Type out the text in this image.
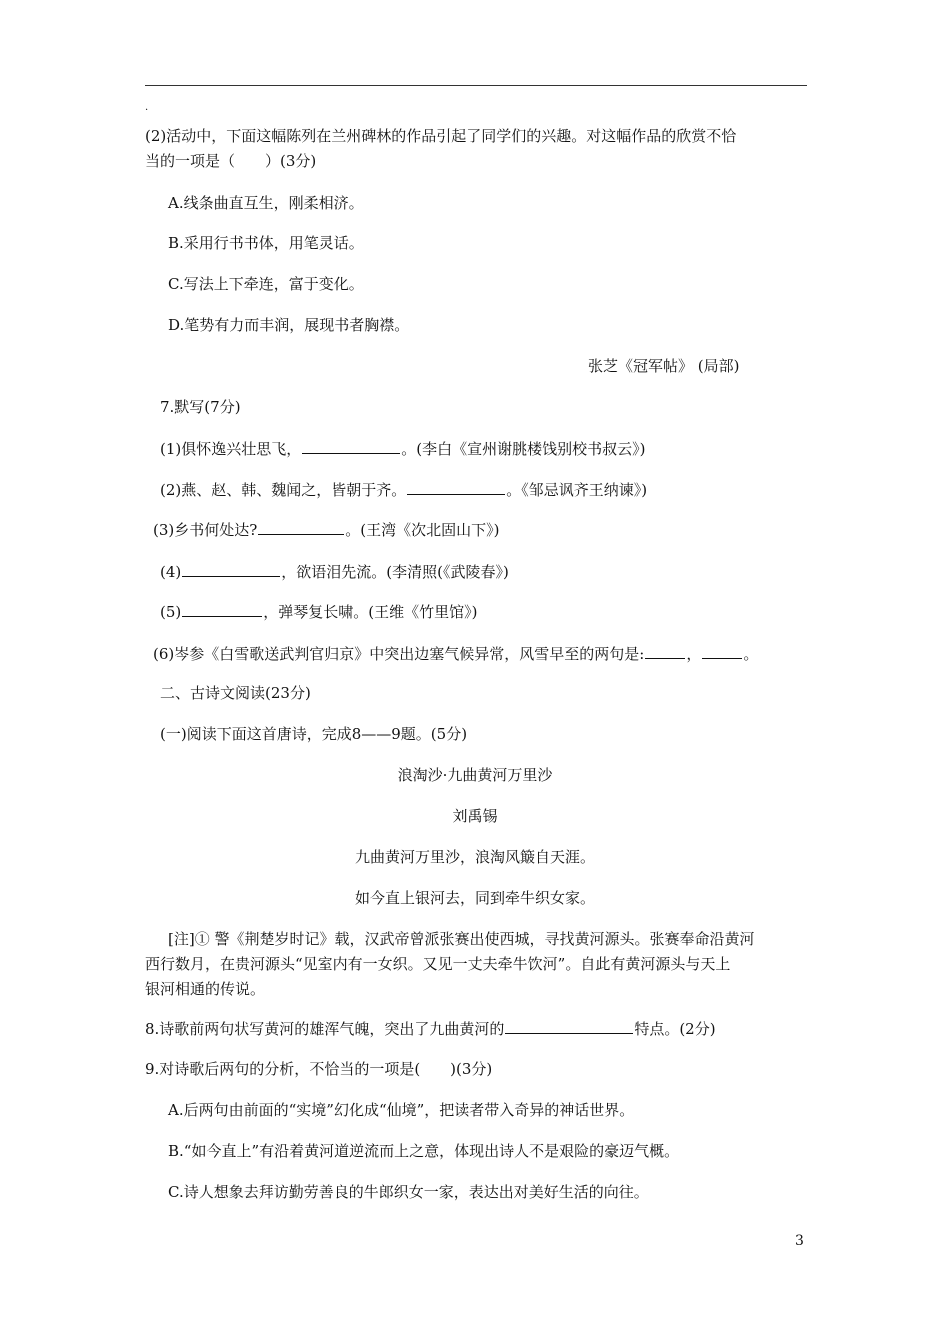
.

(2)活动中，下面这幅陈列在兰州碑林的作品引起了同学们的兴趣。对这幅作品的欣赏不恰

当的一项是（　　）(3分)

A.线条曲直互生，刚柔相济。

B.采用行书书体，用笔灵话。

C.写法上下牵连，富于变化。

D.笔势有力而丰润，展现书者胸襟。

张芝《冠军帖》 (局部)

7.默写(7分)

(1)俱怀逸兴壮思飞，	。(李白《宣州谢朓楼饯别校书叔云》)

(2)燕、赵、韩、魏闻之，皆朝于齐。	。《邹忌讽齐王纳谏》)

(3)乡书何处达?	。(王湾《次北固山下》)

(4)	，欲语泪先流。(李清照(《武陵春》)

(5)	，弹琴复长啸。(王维《竹里馆》)

(6)岑参《白雪歌送武判官归京》中突出边塞气候异常，风雪早至的两句是:	，	。

二、古诗文阅读(23分)

(一)阅读下面这首唐诗，完成8——9题。(5分)

浪淘沙·九曲黄河万里沙

刘禹锡

九曲黄河万里沙，浪淘风簸自天涯。

如今直上银河去，同到牵牛织女家。

[注]① 警《荆楚岁时记》载，汉武帝曾派张赛出使西城，寻找黄河源头。张赛奉命沿黄河

西行数月，在贵河源头“见室内有一女织。又见一丈夫牵牛饮河”。自此有黄河源头与天上

银河相通的传说。

8.诗歌前两句状写黄河的雄浑气魄，突出了九曲黄河的	特点。(2分)

9.对诗歌后两句的分析，不恰当的一项是(　　)(3分)

A.后两句由前面的“实境”幻化成“仙境”，把读者带入奇异的神话世界。

B.“如今直上”有沿着黄河道逆流而上之意，体现出诗人不是艰险的豪迈气概。

C.诗人想象去拜访勤劳善良的牛郎织女一家，表达出对美好生活的向往。

3
